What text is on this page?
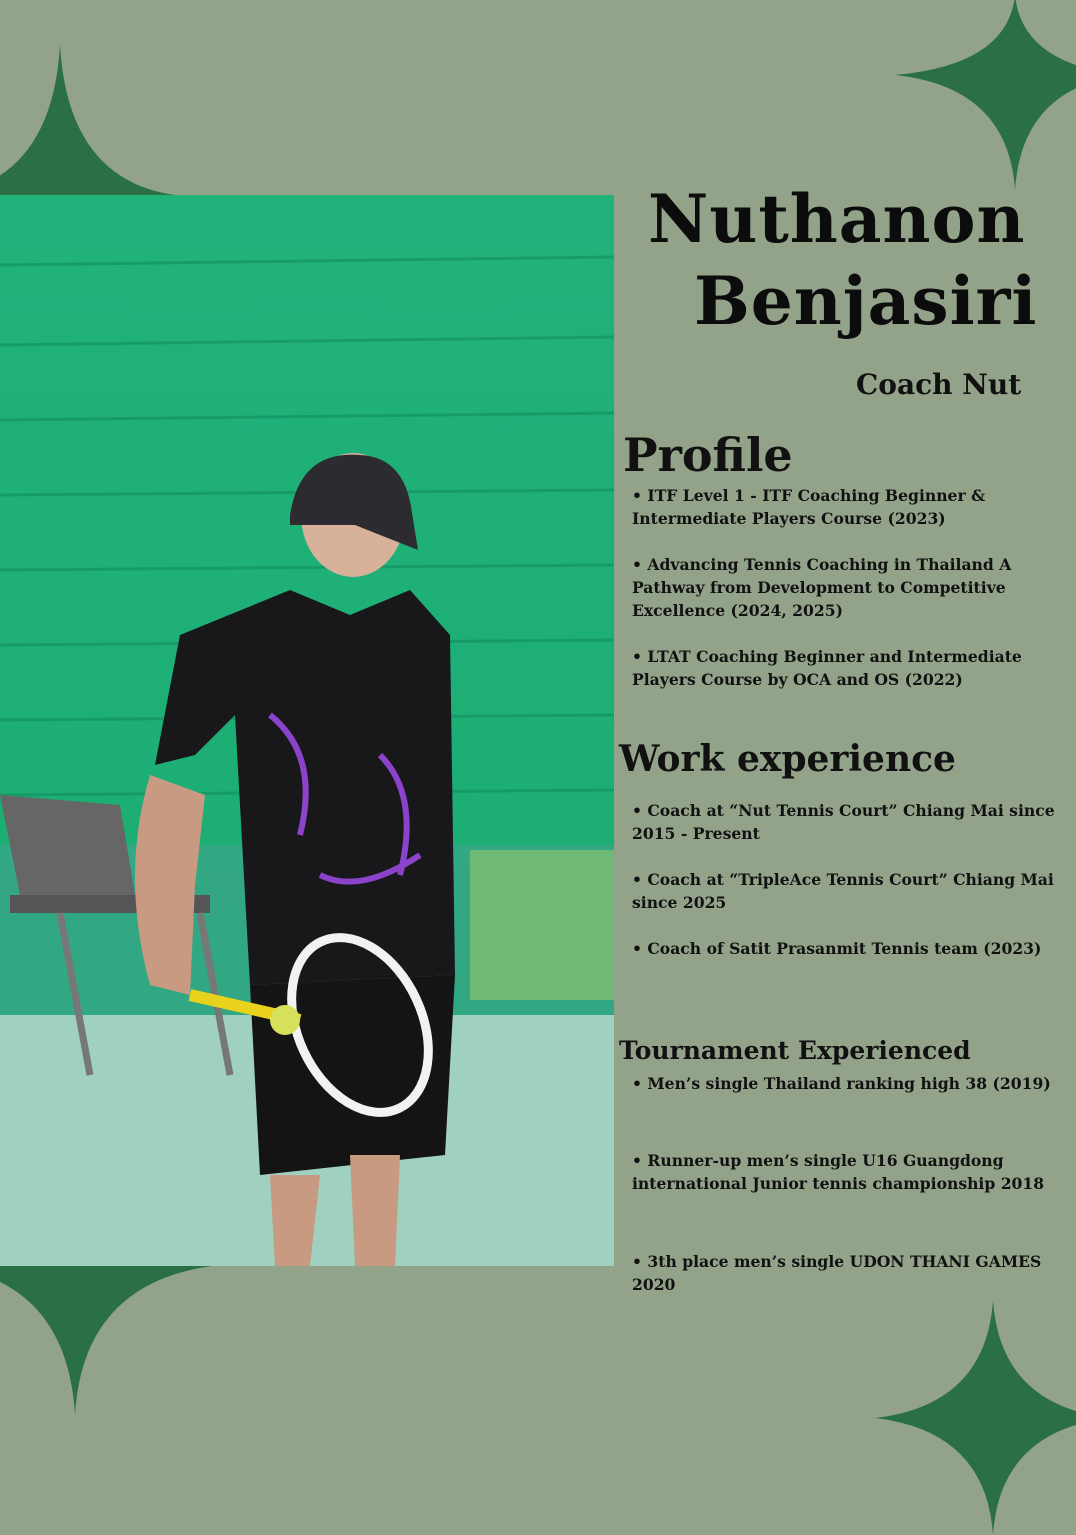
Nuthanon
Benjasiri
Coach Nut
Profile
• ITF Level 1 - ITF Coaching Beginner & Intermediate Players Course (2023)
• Advancing Tennis Coaching in Thailand A Pathway from Development to Competitive Excellence (2024, 2025)
• LTAT Coaching Beginner and Intermediate Players Course by OCA and OS (2022)
Work experience
• Coach at “Nut Tennis Court” Chiang Mai since 2015 - Present
• Coach at “TripleAce Tennis Court” Chiang Mai since 2025
• Coach of Satit Prasanmit Tennis team (2023)
Tournament Experienced
• Men’s single Thailand ranking high 38 (2019)
• Runner-up men’s single U16 Guangdong international Junior tennis championship 2018
• 3th place men’s single UDON THANI GAMES 2020
